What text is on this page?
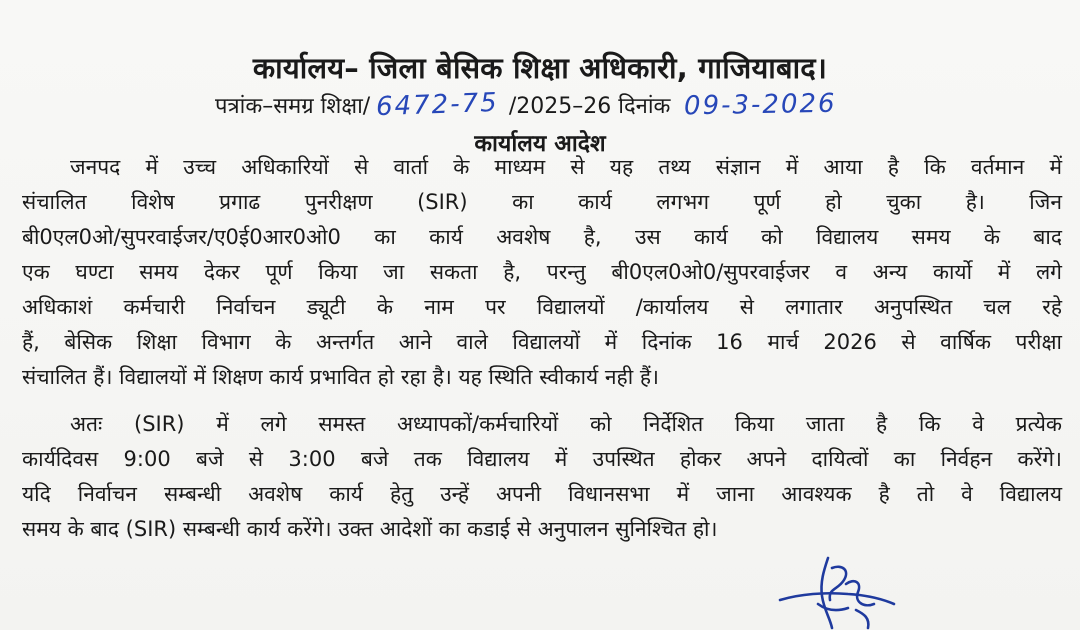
कार्यालय– जिला बेसिक शिक्षा अधिकारी, गाजियाबाद।
पत्रांक–समग्र शिक्षा/ 6472-75 /2025–26 दिनांक 09-3-2026
कार्यालय आदेश
जनपद में उच्च अधिकारियों से वार्ता के माध्यम से यह तथ्य संज्ञान में आया है कि वर्तमान में
संचालित विशेष प्रगाढ पुनरीक्षण (SIR) का कार्य लगभग पूर्ण हो चुका है। जिन
बी0एल0ओ/सुपरवाईजर/ए0ई0आर0ओ0 का कार्य अवशेष है, उस कार्य को विद्यालय समय के बाद
एक घण्टा समय देकर पूर्ण किया जा सकता है, परन्तु बी0एल0ओ0/सुपरवाईजर व अन्य कार्यो में लगे
अधिकाशं कर्मचारी निर्वाचन ड्यूटी के नाम पर विद्यालयों /कार्यालय से लगातार अनुपस्थित चल रहे
हैं, बेसिक शिक्षा विभाग के अन्तर्गत आने वाले विद्यालयों में दिनांक 16 मार्च 2026 से वार्षिक परीक्षा
संचालित हैं। विद्यालयों में शिक्षण कार्य प्रभावित हो रहा है। यह स्थिति स्वीकार्य नही हैं।
अतः (SIR) में लगे समस्त अध्यापकों/कर्मचारियों को निर्देशित किया जाता है कि वे प्रत्येक
कार्यदिवस 9:00 बजे से 3:00 बजे तक विद्यालय में उपस्थित होकर अपने दायित्वों का निर्वहन करेंगे।
यदि निर्वाचन सम्बन्धी अवशेष कार्य हेतु उन्हें अपनी विधानसभा में जाना आवश्यक है तो वे विद्यालय
समय के बाद (SIR) सम्बन्धी कार्य करेंगे। उक्त आदेशों का कडाई से अनुपालन सुनिश्चित हो।
